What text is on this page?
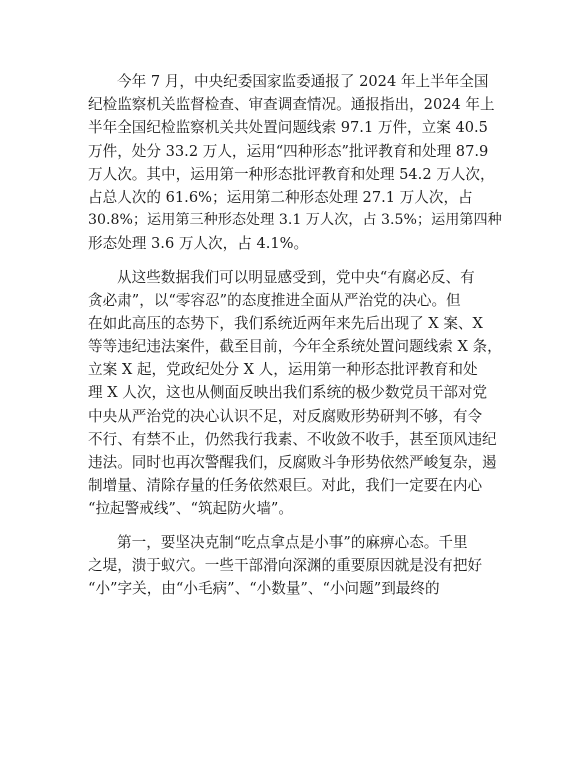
今年 7 月，中央纪委国家监委通报了 2024 年上半年全国
纪检监察机关监督检查、审查调查情况。通报指出，2024 年上
半年全国纪检监察机关共处置问题线索 97.1 万件，立案 40.5
万件，处分 33.2 万人，运用“四种形态”批评教育和处理 87.9
万人次。其中，运用第一种形态批评教育和处理 54.2 万人次，
占总人次的 61.6%；运用第二种形态处理 27.1 万人次，占
30.8%；运用第三种形态处理 3.1 万人次，占 3.5%；运用第四种
形态处理 3.6 万人次，占 4.1%。
从这些数据我们可以明显感受到，党中央“有腐必反、有
贪必肃”，以“零容忍”的态度推进全面从严治党的决心。但
在如此高压的态势下，我们系统近两年来先后出现了 X 案、X
等等违纪违法案件，截至目前，今年全系统处置问题线索 X 条，
立案 X 起，党政纪处分 X 人，运用第一种形态批评教育和处
理 X 人次，这也从侧面反映出我们系统的极少数党员干部对党
中央从严治党的决心认识不足，对反腐败形势研判不够，有令
不行、有禁不止，仍然我行我素、不收敛不收手，甚至顶风违纪
违法。同时也再次警醒我们，反腐败斗争形势依然严峻复杂，遏
制增量、清除存量的任务依然艰巨。对此，我们一定要在内心
“拉起警戒线”、“筑起防火墙”。
第一，要坚决克制“吃点拿点是小事”的麻痹心态。千里
之堤，溃于蚁穴。一些干部滑向深渊的重要原因就是没有把好
“小”字关，由“小毛病”、“小数量”、“小问题”到最终的
